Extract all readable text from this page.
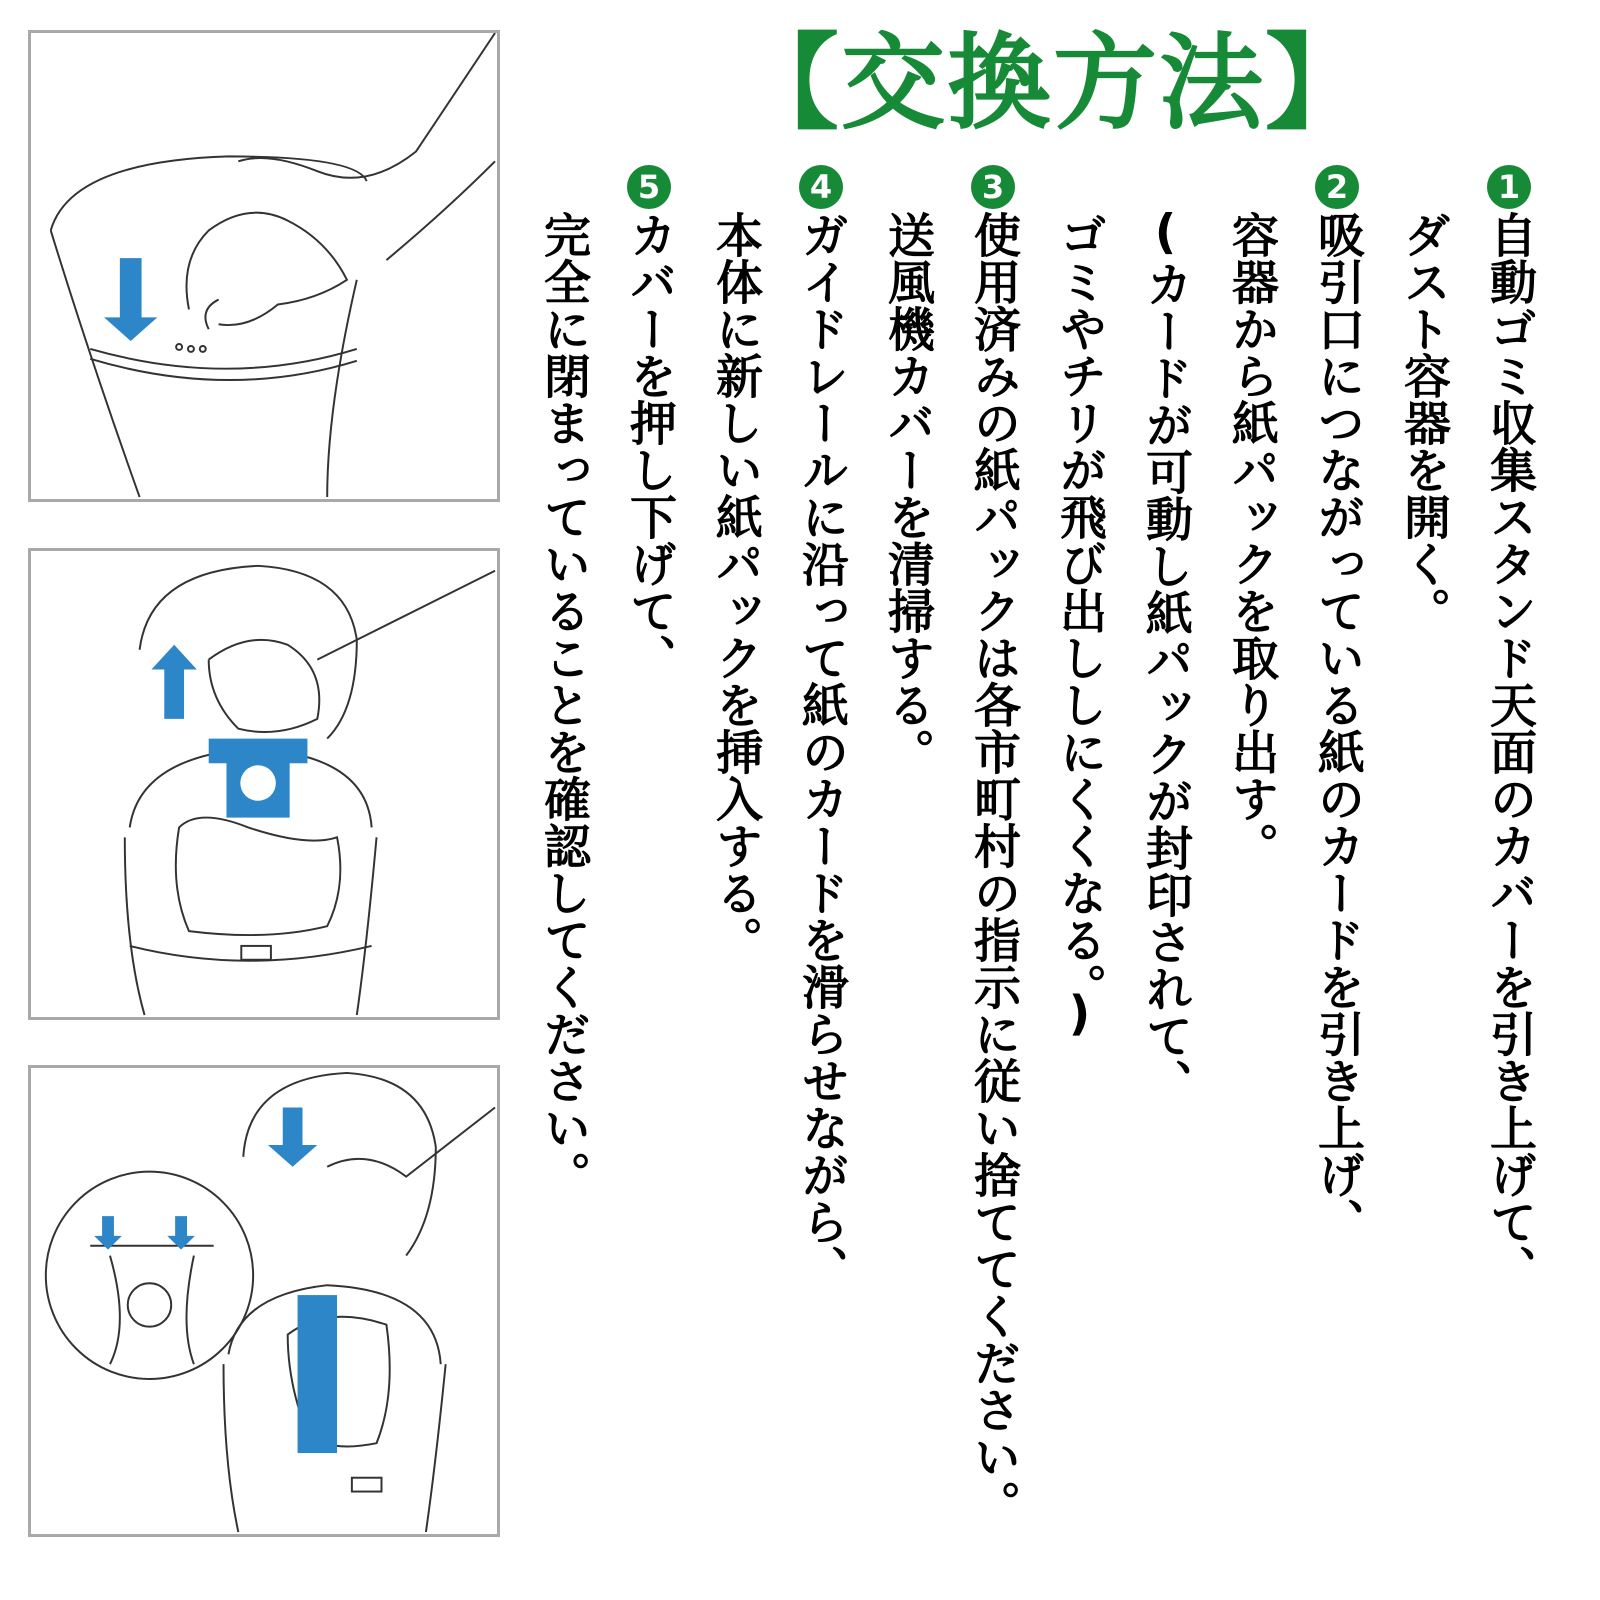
【交換方法】
1
自動ゴミ収集スタンド天面のカバーを引き上げて、
ダスト容器を開く。
2
吸引口につながっている紙のカードを引き上げ、
容器から紙パックを取り出す。
(カードが可動し紙パックが封印されて、
ゴミやチリが飛び出ししにくくなる。)
3
使用済みの紙パックは各市町村の指示に従い捨ててください。
送風機カバーを清掃する。
4
ガイドレールに沿って紙のカードを滑らせながら、
本体に新しい紙パックを挿入する。
5
カバーを押し下げて、
完全に閉まっていることを確認してください。
